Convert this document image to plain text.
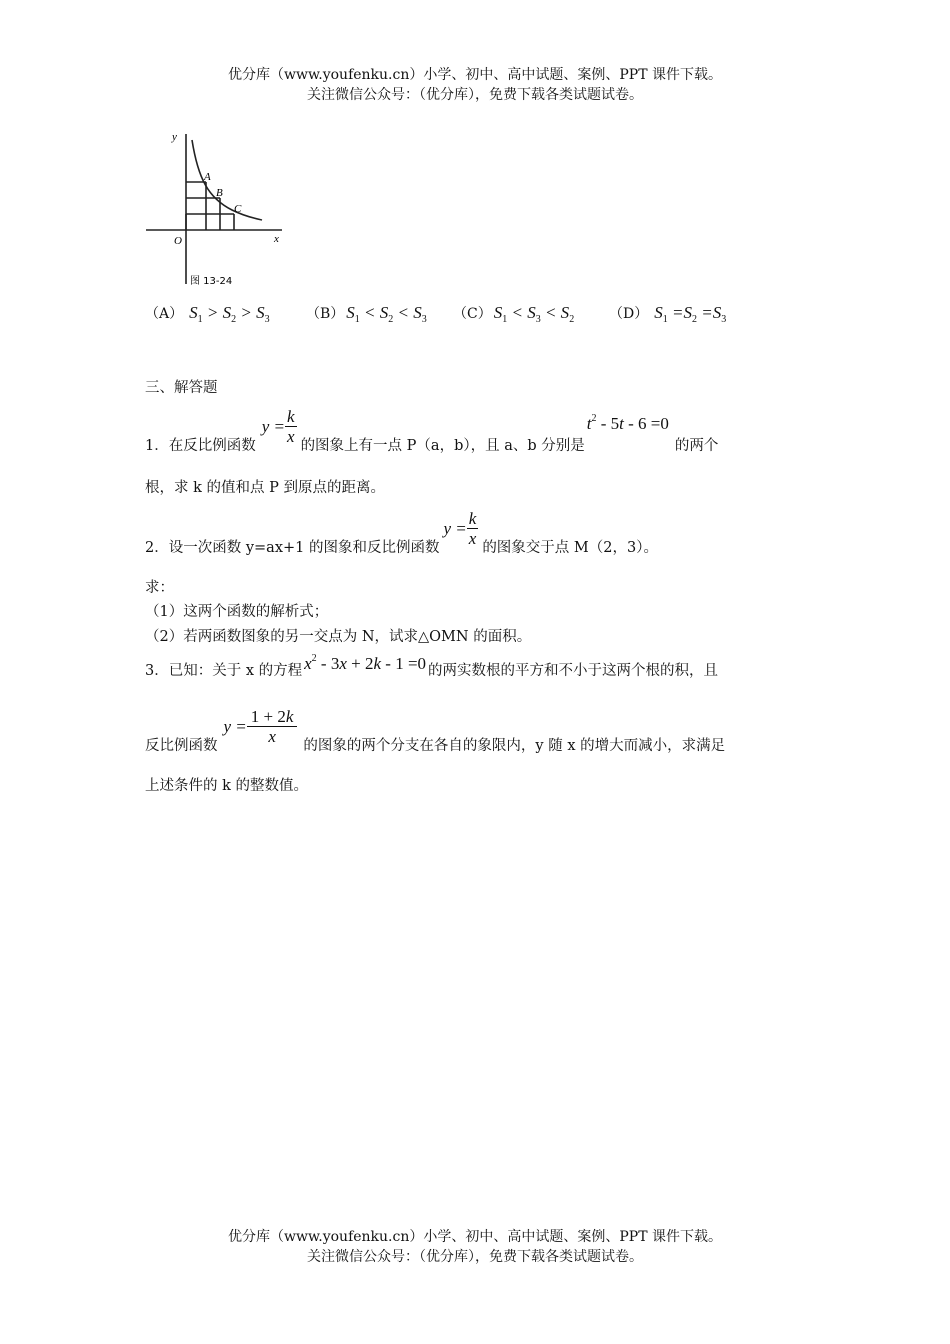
优分库（www.youfenku.cn）小学、初中、高中试题、案例、PPT 课件下载。
关注微信公众号：（优分库），免费下载各类试题试卷。
y
x
O
A
B
C
图 13-24
（A） $S_1 > S_2 > S_3$	（B） $S_1 < S_2 < S_3$ （C） $S_1 < S_3 < S_2$ （D） $S_1 =S_2 =S_3$
三、解答题
1．在反比例函数
$y = \frac{k}{x}$ 的图象上有一点 P（a，b），且 a、b 分别是
$t^2 - 5t - 6 =0$
的两个
根，求 k 的值和点 P 到原点的距离。
2．设一次函数 y=ax+1 的图象和反比例函数
$y = \frac{k}{x}$ 的图象交于点 M（2，3）。
求：
（1）这两个函数的解析式；
（2）若两函数图象的另一交点为 N，试求△OMN 的面积。
3．已知：关于 x 的方程 $x^2 - 3x + 2k - 1 =0$ 的两实数根的平方和不小于这两个根的积，且
反比例函数
$y = \frac{1 + 2k}{x}$ 的图象的两个分支在各自的象限内，y 随 x 的增大而减小，求满足
上述条件的 k 的整数值。
优分库（www.youfenku.cn）小学、初中、高中试题、案例、PPT 课件下载。
关注微信公众号：（优分库），免费下载各类试题试卷。
